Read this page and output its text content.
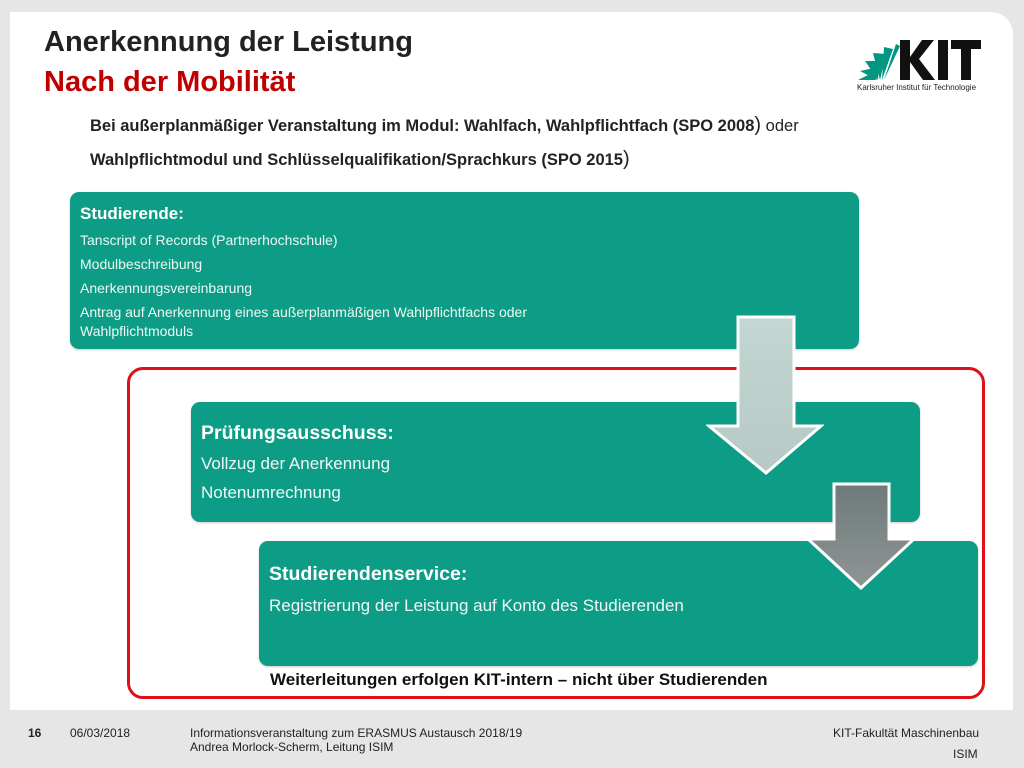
Anerkennung der Leistung
Nach der Mobilität	Karlsruher Institut für Technologie
Bei außerplanmäßiger Veranstaltung im Modul: Wahlfach, Wahlpflichtfach (SPO 2008) oder
Wahlpflichtmodul und Schlüsselqualifikation/Sprachkurs (SPO 2015)
Studierende:
Tanscript of Records (Partnerhochschule)
Modulbeschreibung
Anerkennungsvereinbarung
Antrag auf Anerkennung eines außerplanmäßigen Wahlpflichtfachs oder
Wahlpflichtmoduls
Prüfungsausschuss:
Vollzug der Anerkennung
Notenumrechnung
Studierendenservice:
Registrierung der Leistung auf Konto des Studierenden
Weiterleitungen erfolgen KIT-intern – nicht über Studierenden
16 06/03/2018	Informationsveranstaltung zum ERASMUS Austausch 2018/19
Andrea Morlock-Scherm, Leitung ISIM
KIT-Fakultät Maschinenbau
ISIM
